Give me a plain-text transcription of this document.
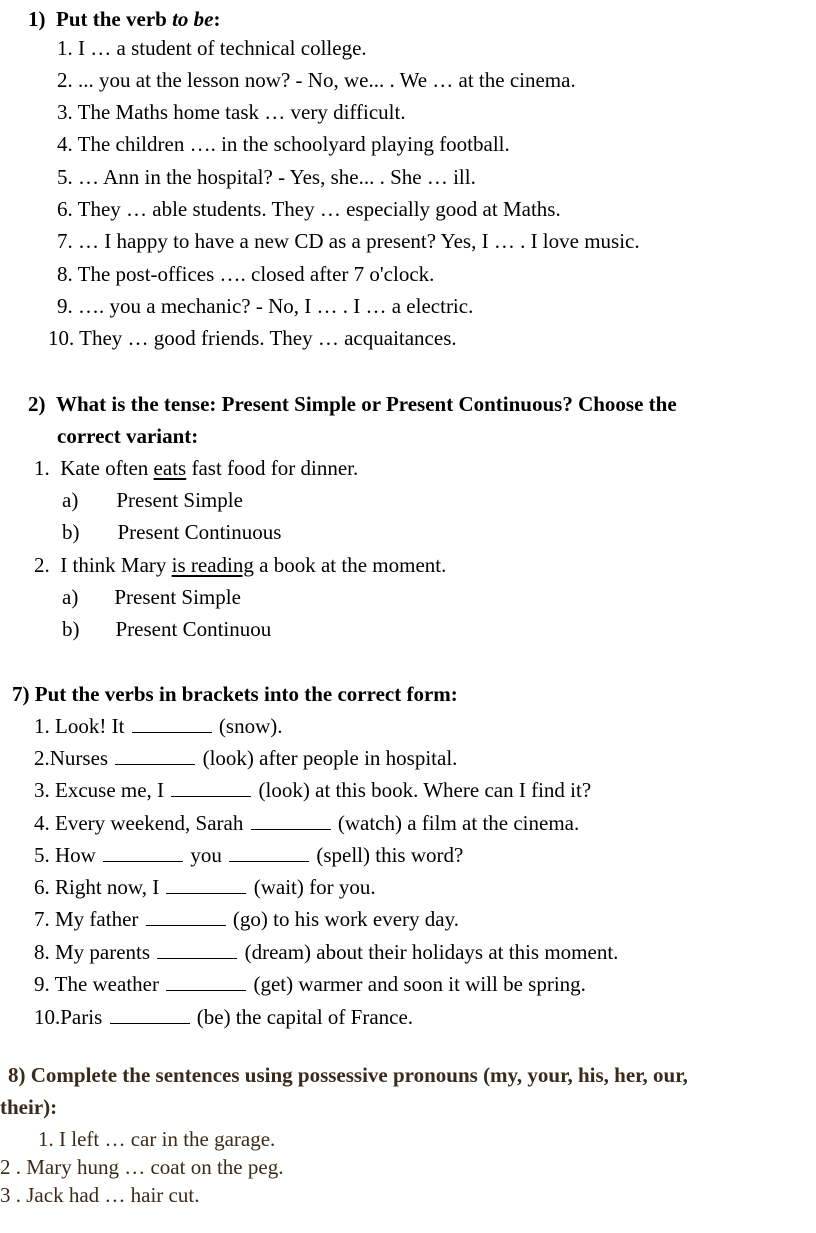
1) Put the verb to be:
1. I … a student of technical college.
2. ... you at the lesson now? - No, we... . We … at the cinema.
3. The Maths home task … very difficult.
4. The children …. in the schoolyard playing football.
5. … Ann in the hospital? - Yes, she... . She … ill.
6. They … able students. They … especially good at Maths.
7. … I happy to have a new CD as a present? Yes, I … . I love music.
8. The post-offices …. closed after 7 o'clock.
9. …. you a mechanic? - No, I … . I … a electric.
10. They … good friends. They … acquaitances.
2) What is the tense: Present Simple or Present Continuous? Choose the
correct variant:
1. Kate often eats fast food for dinner.
a) Present Simple
b) Present Continuous
2. I think Mary is reading a book at the moment.
a) Present Simple
b) Present Continuou
7) Put the verbs in brackets into the correct form:
1. Look! It	(snow).
2.Nurses	(look) after people in hospital.
3. Excuse me, I	(look) at this book. Where can I find it?
4. Every weekend, Sarah	(watch) a film at the cinema.
5. How	you	(spell) this word?
6. Right now, I	(wait) for you.
7. My father	(go) to his work every day.
8. My parents	(dream) about their holidays at this moment.
9. The weather	(get) warmer and soon it will be spring.
10.Paris	(be) the capital of France.
8) Complete the sentences using possessive pronouns (my, your, his, her, our,
their):
1. I left … car in the garage.
2 . Mary hung … coat on the peg.
3 . Jack had … hair cut.
